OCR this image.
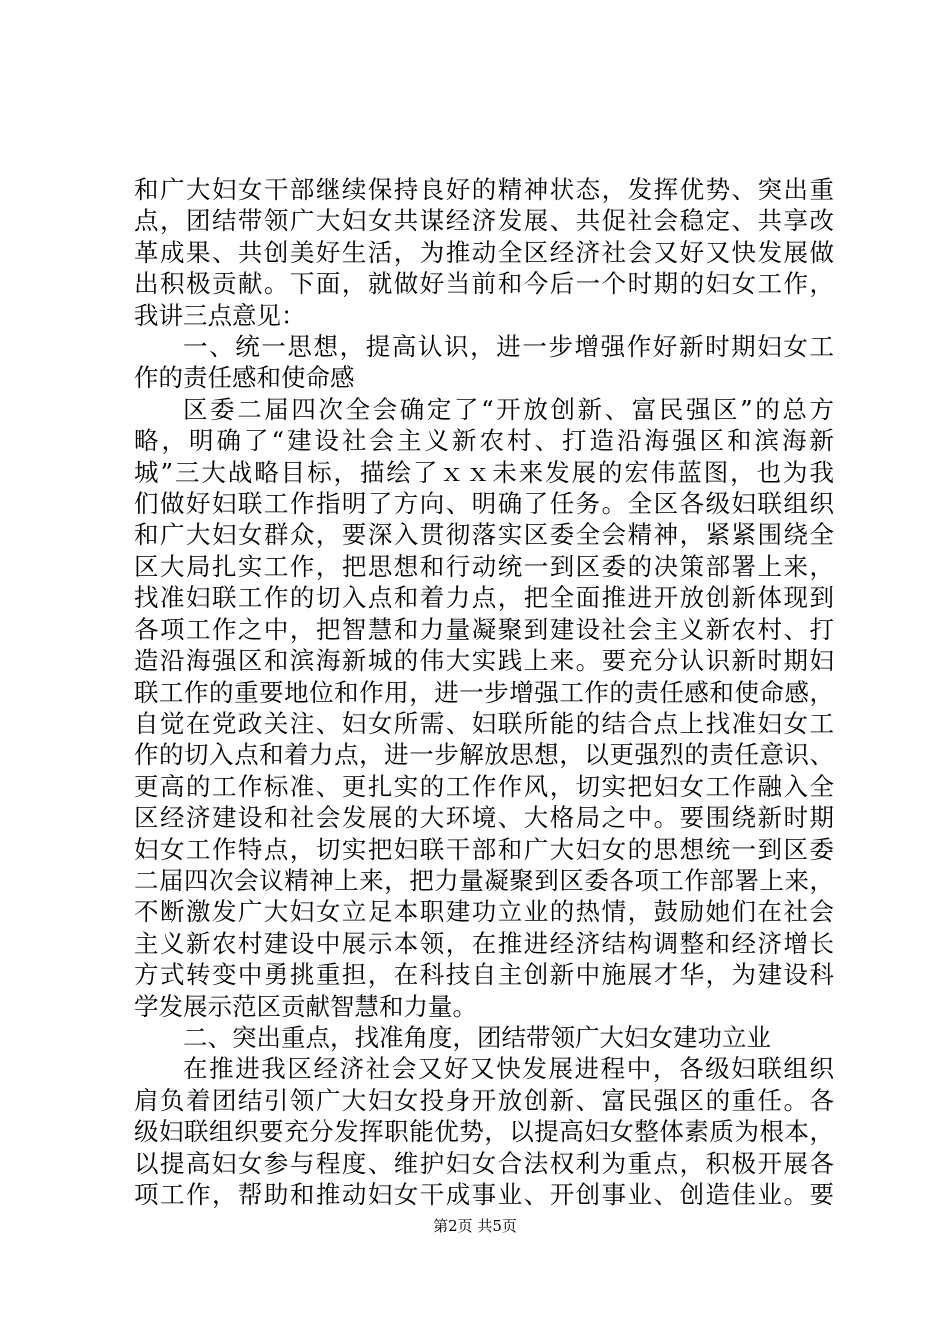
和广大妇女干部继续保持良好的精神状态，发挥优势、突出重
点，团结带领广大妇女共谋经济发展、共促社会稳定、共享改
革成果、共创美好生活，为推动全区经济社会又好又快发展做
出积极贡献。下面，就做好当前和今后一个时期的妇女工作，
我讲三点意见：
一、统一思想，提高认识，进一步增强作好新时期妇女工
作的责任感和使命感
区委二届四次全会确定了“开放创新、富民强区”的总方
略，明确了“建设社会主义新农村、打造沿海强区和滨海新
城”三大战略目标，描绘了ｘｘ未来发展的宏伟蓝图，也为我
们做好妇联工作指明了方向、明确了任务。全区各级妇联组织
和广大妇女群众，要深入贯彻落实区委全会精神，紧紧围绕全
区大局扎实工作，把思想和行动统一到区委的决策部署上来，
找准妇联工作的切入点和着力点，把全面推进开放创新体现到
各项工作之中，把智慧和力量凝聚到建设社会主义新农村、打
造沿海强区和滨海新城的伟大实践上来。要充分认识新时期妇
联工作的重要地位和作用，进一步增强工作的责任感和使命感，
自觉在党政关注、妇女所需、妇联所能的结合点上找准妇女工
作的切入点和着力点，进一步解放思想，以更强烈的责任意识、
更高的工作标准、更扎实的工作作风，切实把妇女工作融入全
区经济建设和社会发展的大环境、大格局之中。要围绕新时期
妇女工作特点，切实把妇联干部和广大妇女的思想统一到区委
二届四次会议精神上来，把力量凝聚到区委各项工作部署上来，
不断激发广大妇女立足本职建功立业的热情，鼓励她们在社会
主义新农村建设中展示本领，在推进经济结构调整和经济增长
方式转变中勇挑重担，在科技自主创新中施展才华，为建设科
学发展示范区贡献智慧和力量。
二、突出重点，找准角度，团结带领广大妇女建功立业
在推进我区经济社会又好又快发展进程中，各级妇联组织
肩负着团结引领广大妇女投身开放创新、富民强区的重任。各
级妇联组织要充分发挥职能优势，以提高妇女整体素质为根本，
以提高妇女参与程度、维护妇女合法权利为重点，积极开展各
项工作，帮助和推动妇女干成事业、开创事业、创造佳业。要
第2页 共5页
